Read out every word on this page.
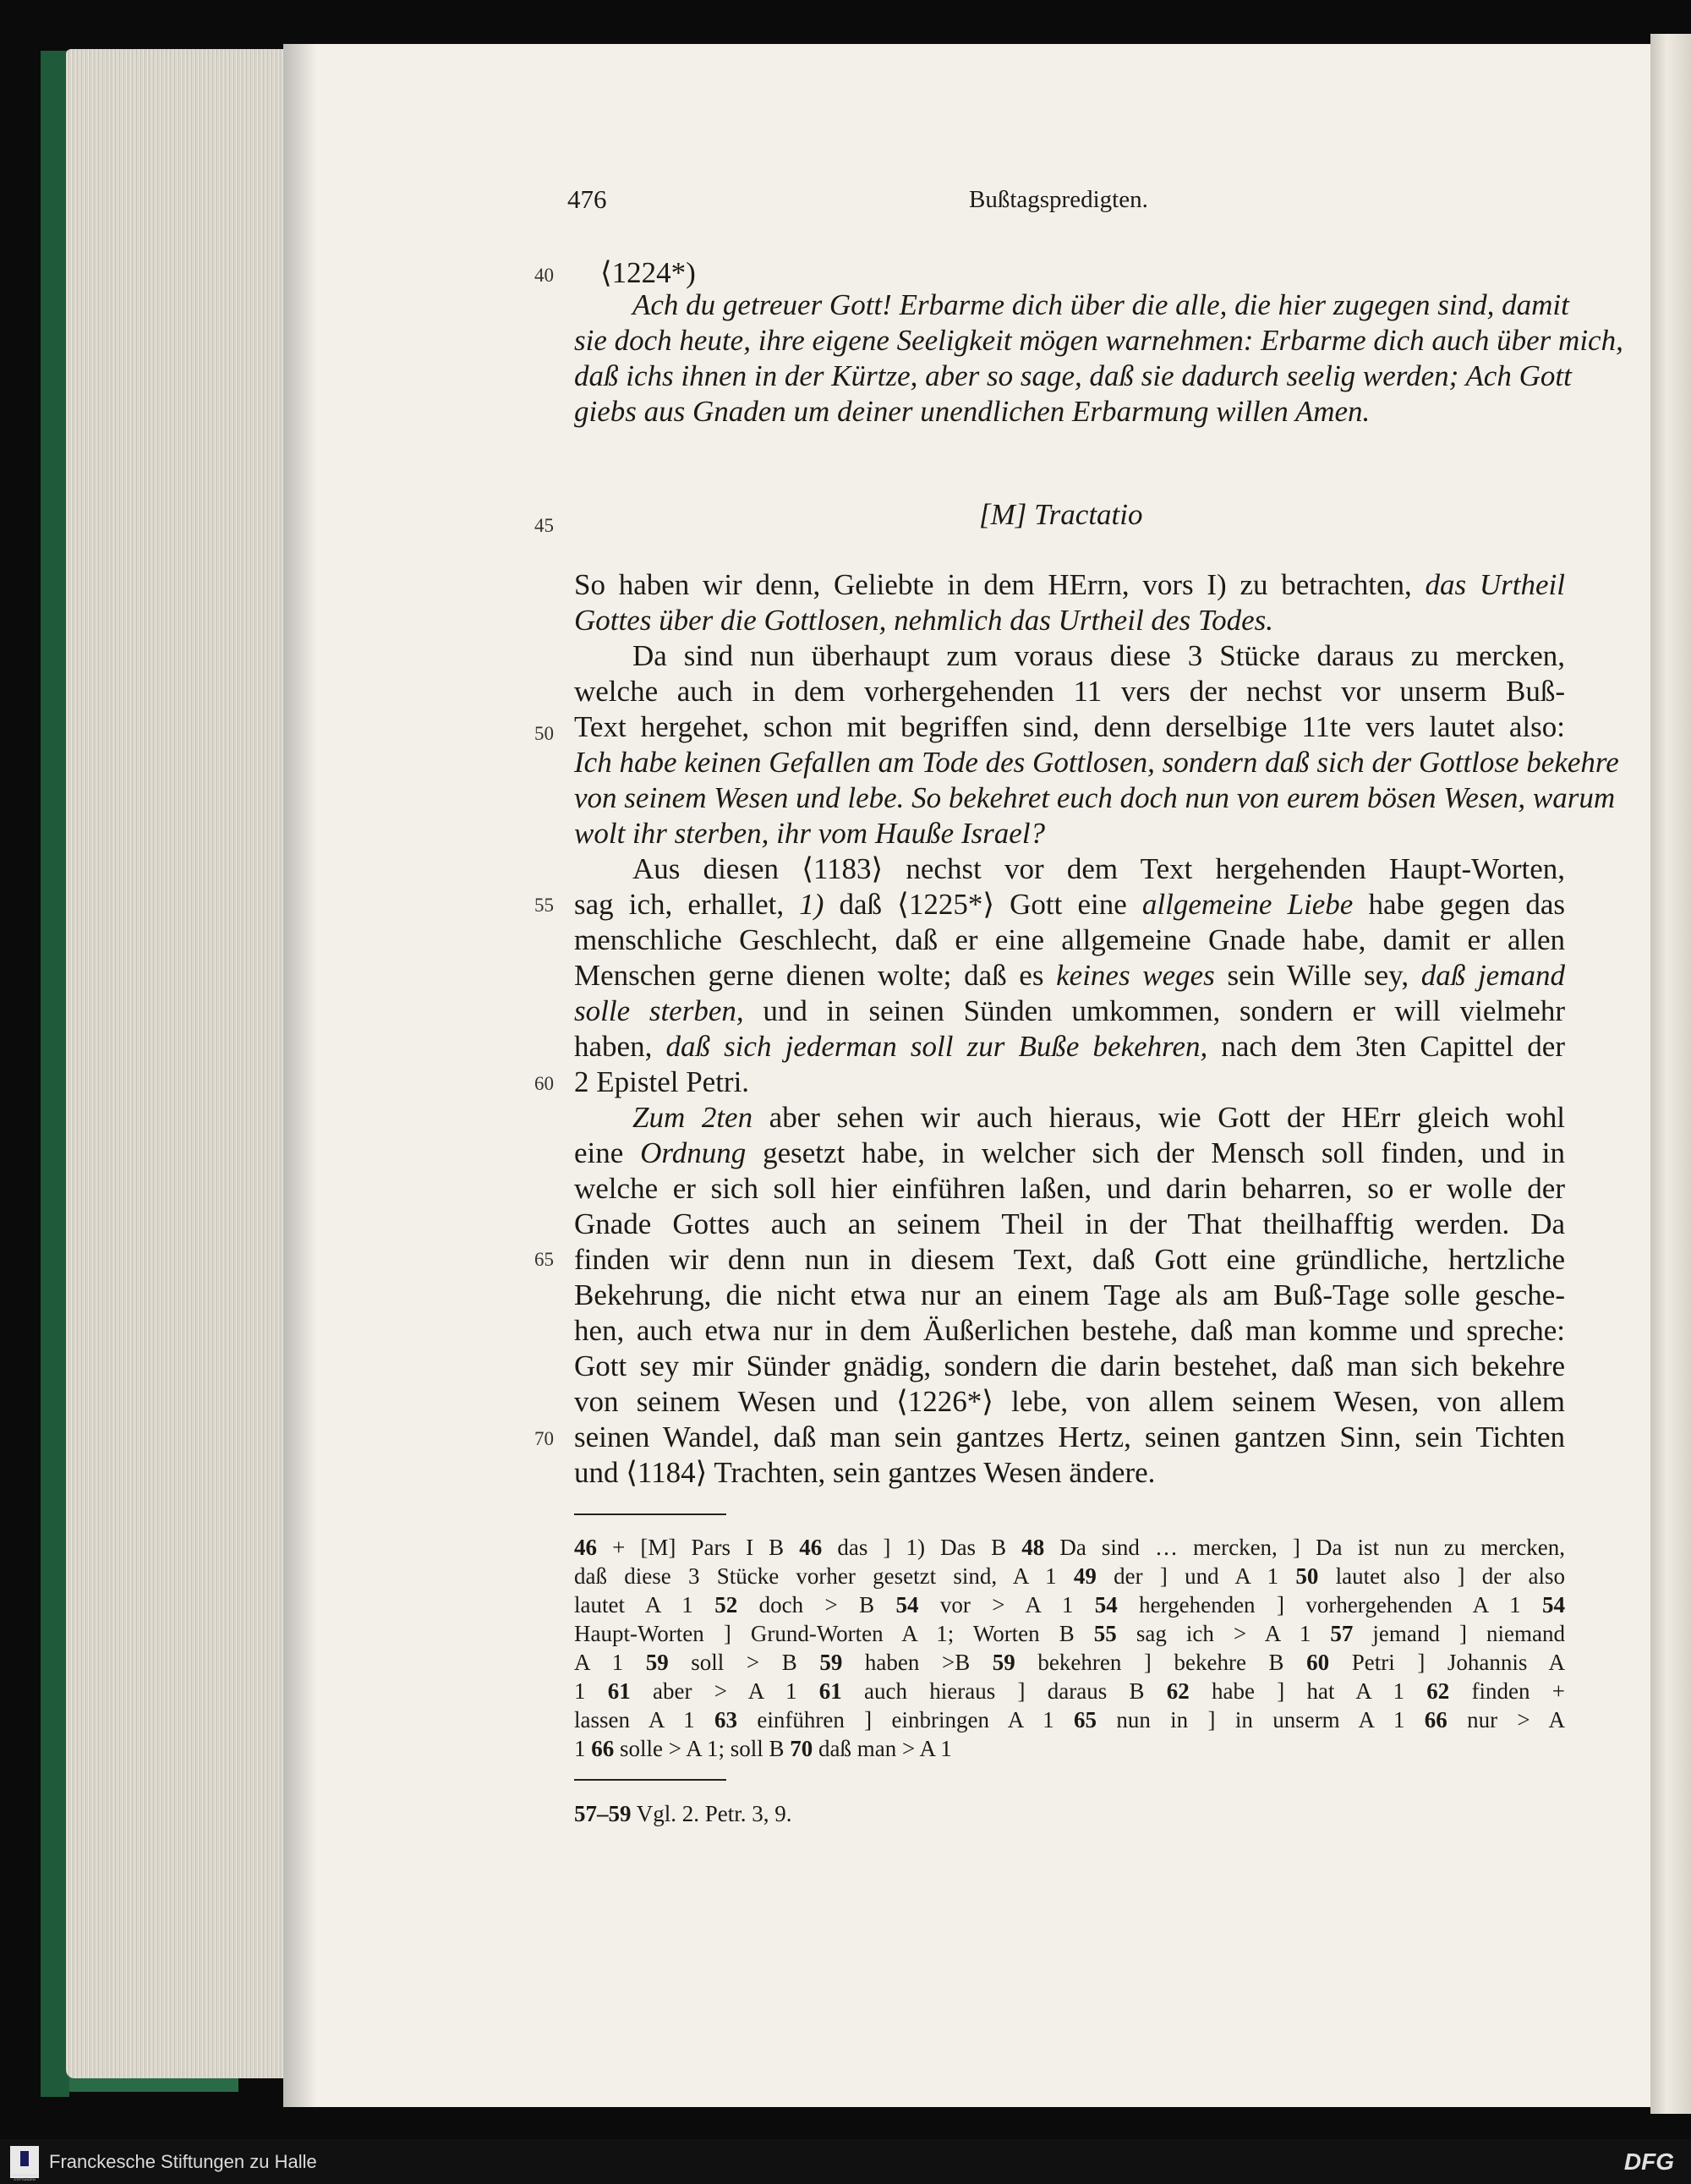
476	Bußtagspredigten.
40
45
50
55
60
65
70
⟨1224*)
Ach du getreuer Gott! Erbarme dich über die alle, die hier zugegen sind, damit
sie doch heute, ihre eigene Seeligkeit mögen warnehmen: Erbarme dich auch über mich,
daß ichs ihnen in der Kürtze, aber so sage, daß sie dadurch seelig werden; Ach Gott
giebs aus Gnaden um deiner unendlichen Erbarmung willen Amen.
[M] Tractatio
So haben wir denn, Geliebte in dem HErrn, vors I) zu betrachten, das Urtheil
Gottes über die Gottlosen, nehmlich das Urtheil des Todes.
Da sind nun überhaupt zum voraus diese 3 Stücke daraus zu mercken,
welche auch in dem vorhergehenden 11 vers der nechst vor unserm Buß-
Text hergehet, schon mit begriffen sind, denn derselbige 11te vers lautet also:
Ich habe keinen Gefallen am Tode des Gottlosen, sondern daß sich der Gottlose bekehre
von seinem Wesen und lebe. So bekehret euch doch nun von eurem bösen Wesen, warum
wolt ihr sterben, ihr vom Hauße Israel?
Aus diesen ⟨1183⟩ nechst vor dem Text hergehenden Haupt-Worten,
sag ich, erhallet, 1) daß ⟨1225*⟩ Gott eine allgemeine Liebe habe gegen das
menschliche Geschlecht, daß er eine allgemeine Gnade habe, damit er allen
Menschen gerne dienen wolte; daß es keines weges sein Wille sey, daß jemand
solle sterben, und in seinen Sünden umkommen, sondern er will vielmehr
haben, daß sich jederman soll zur Buße bekehren, nach dem 3ten Capittel der
2 Epistel Petri.
Zum 2ten aber sehen wir auch hieraus, wie Gott der HErr gleich wohl
eine Ordnung gesetzt habe, in welcher sich der Mensch soll finden, und in
welche er sich soll hier einführen laßen, und darin beharren, so er wolle der
Gnade Gottes auch an seinem Theil in der That theilhafftig werden. Da
finden wir denn nun in diesem Text, daß Gott eine gründliche, hertzliche
Bekehrung, die nicht etwa nur an einem Tage als am Buß-Tage solle gesche-
hen, auch etwa nur in dem Äußerlichen bestehe, daß man komme und spreche:
Gott sey mir Sünder gnädig, sondern die darin bestehet, daß man sich bekehre
von seinem Wesen und ⟨1226*⟩ lebe, von allem seinem Wesen, von allem
seinen Wandel, daß man sein gantzes Hertz, seinen gantzen Sinn, sein Tichten
und ⟨1184⟩ Trachten, sein gantzes Wesen ändere.
46 + [M] Pars I B 46 das ] 1) Das B 48 Da sind … mercken, ] Da ist nun zu mercken,
daß diese 3 Stücke vorher gesetzt sind, A 1 49 der ] und A 1 50 lautet also ] der also
lautet A 1 52 doch > B 54 vor > A 1 54 hergehenden ] vorhergehenden A 1 54
Haupt-Worten ] Grund-Worten A 1; Worten B 55 sag ich > A 1 57 jemand ] niemand
A 1 59 soll > B 59 haben >B 59 bekehren ] bekehre B 60 Petri ] Johannis A
1 61 aber > A 1 61 auch hieraus ] daraus B 62 habe ] hat A 1 62 finden +
lassen A 1 63 einführen ] einbringen A 1 65 nun in ] in unserm A 1 66 nur > A
1 66 solle > A 1; soll B 70 daß man > A 1
57–59 Vgl. 2. Petr. 3, 9.
FRANCKESCHE STIFTUNGEN
Franckesche Stiftungen zu Halle	DFG
